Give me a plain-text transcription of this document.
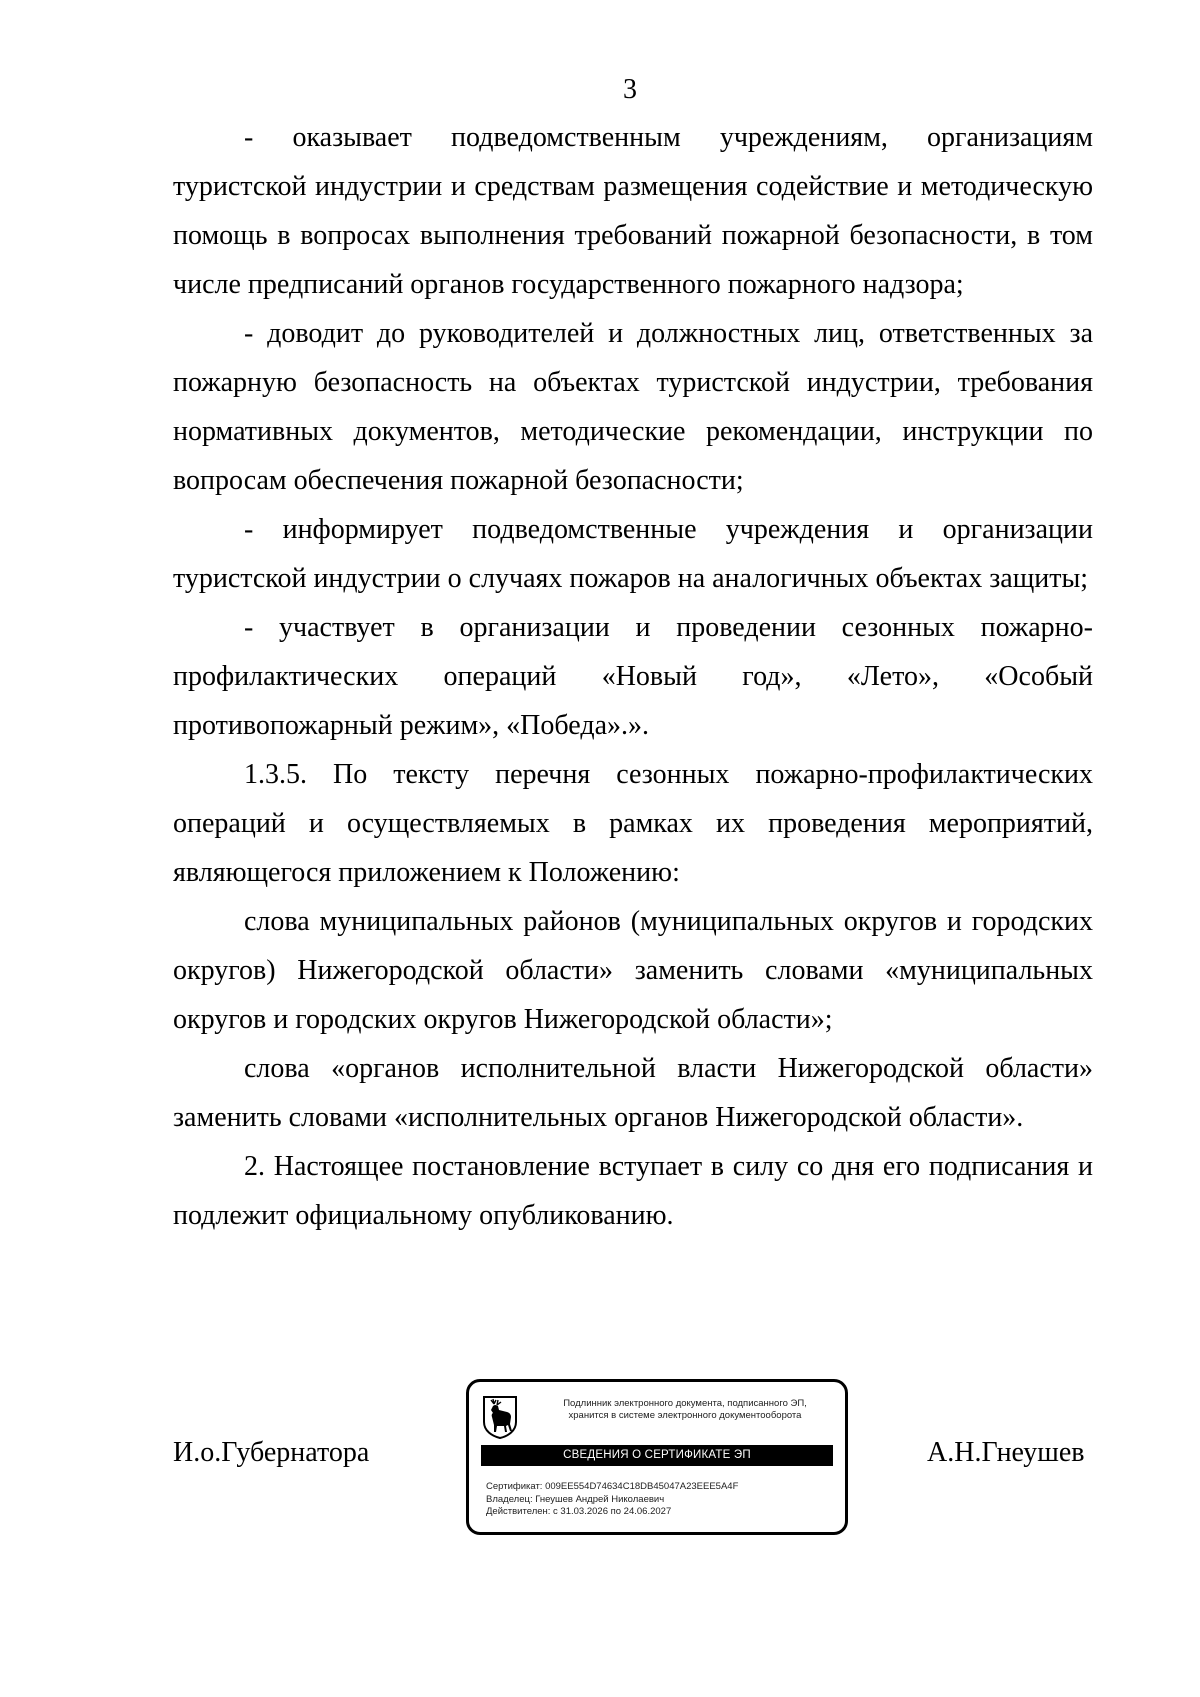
3

- оказывает подведомственным учреждениям, организациям туристской индустрии и средствам размещения содействие и методическую помощь в вопросах выполнения требований пожарной безопасности, в том числе предписаний органов государственного пожарного надзора;

- доводит до руководителей и должностных лиц, ответственных за пожарную безопасность на объектах туристской индустрии, требования нормативных документов, методические рекомендации, инструкции по вопросам обеспечения пожарной безопасности;

- информирует подведомственные учреждения и организации туристской индустрии о случаях пожаров на аналогичных объектах защиты;

- участвует в организации и проведении сезонных пожарно-профилактических операций «Новый год», «Лето», «Особый противопожарный режим», «Победа».».

1.3.5. По тексту перечня сезонных пожарно-профилактических операций и осуществляемых в рамках их проведения мероприятий, являющегося приложением к Положению:

слова муниципальных районов (муниципальных округов и городских округов) Нижегородской области» заменить словами «муниципальных округов и городских округов Нижегородской области»;

слова «органов исполнительной власти Нижегородской области» заменить словами «исполнительных органов Нижегородской области».

2. Настоящее постановление вступает в силу со дня его подписания и подлежит официальному опубликованию.

И.о.Губернатора
Подлинник электронного документа, подписанного ЭП,
хранится в системе электронного документооборота
СВЕДЕНИЯ О СЕРТИФИКАТЕ ЭП
Сертификат: 009EE554D74634C18DB45047A23EEE5A4F
Владелец: Гнеушев Андрей Николаевич
Действителен: с 31.03.2026 по 24.06.2027
А.Н.Гнеушев
